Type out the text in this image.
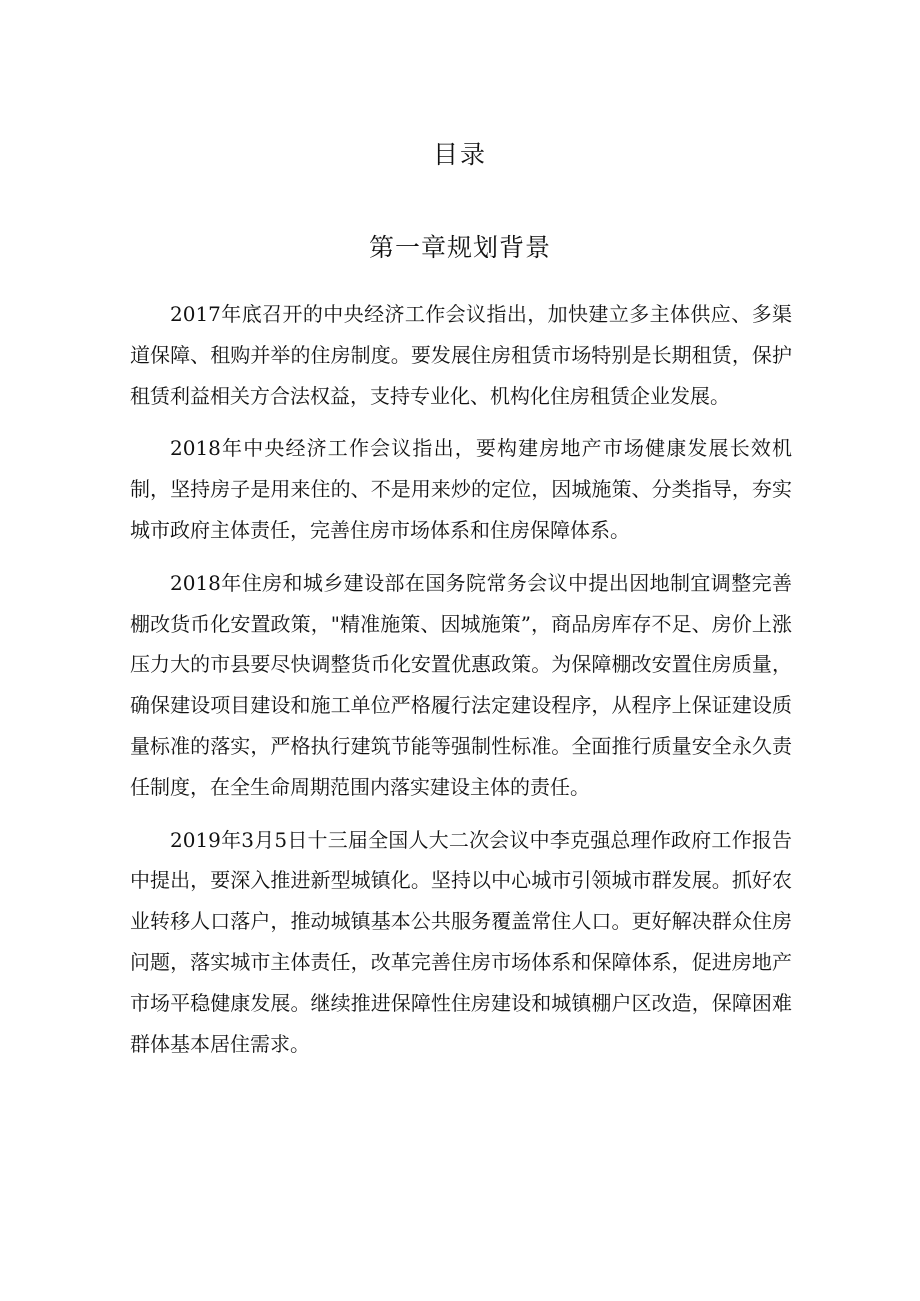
目录
第一章规划背景

2017年底召开的中央经济工作会议指出，加快建立多主体供应、多渠道保障、租购并举的住房制度。要发展住房租赁市场特别是长期租赁，保护租赁利益相关方合法权益，支持专业化、机构化住房租赁企业发展。

2018年中央经济工作会议指出，要构建房地产市场健康发展长效机制，坚持房子是用来住的、不是用来炒的定位，因城施策、分类指导，夯实城市政府主体责任，完善住房市场体系和住房保障体系。

2018年住房和城乡建设部在国务院常务会议中提出因地制宜调整完善棚改货币化安置政策，"精准施策、因城施策”，商品房库存不足、房价上涨压力大的市县要尽快调整货币化安置优惠政策。为保障棚改安置住房质量，确保建设项目建设和施工单位严格履行法定建设程序，从程序上保证建设质量标准的落实，严格执行建筑节能等强制性标准。全面推行质量安全永久责任制度，在全生命周期范围内落实建设主体的责任。

2019年3月5日十三届全国人大二次会议中李克强总理作政府工作报告中提出，要深入推进新型城镇化。坚持以中心城市引领城市群发展。抓好农业转移人口落户，推动城镇基本公共服务覆盖常住人口。更好解决群众住房问题，落实城市主体责任，改革完善住房市场体系和保障体系，促进房地产市场平稳健康发展。继续推进保障性住房建设和城镇棚户区改造，保障困难群体基本居住需求。
